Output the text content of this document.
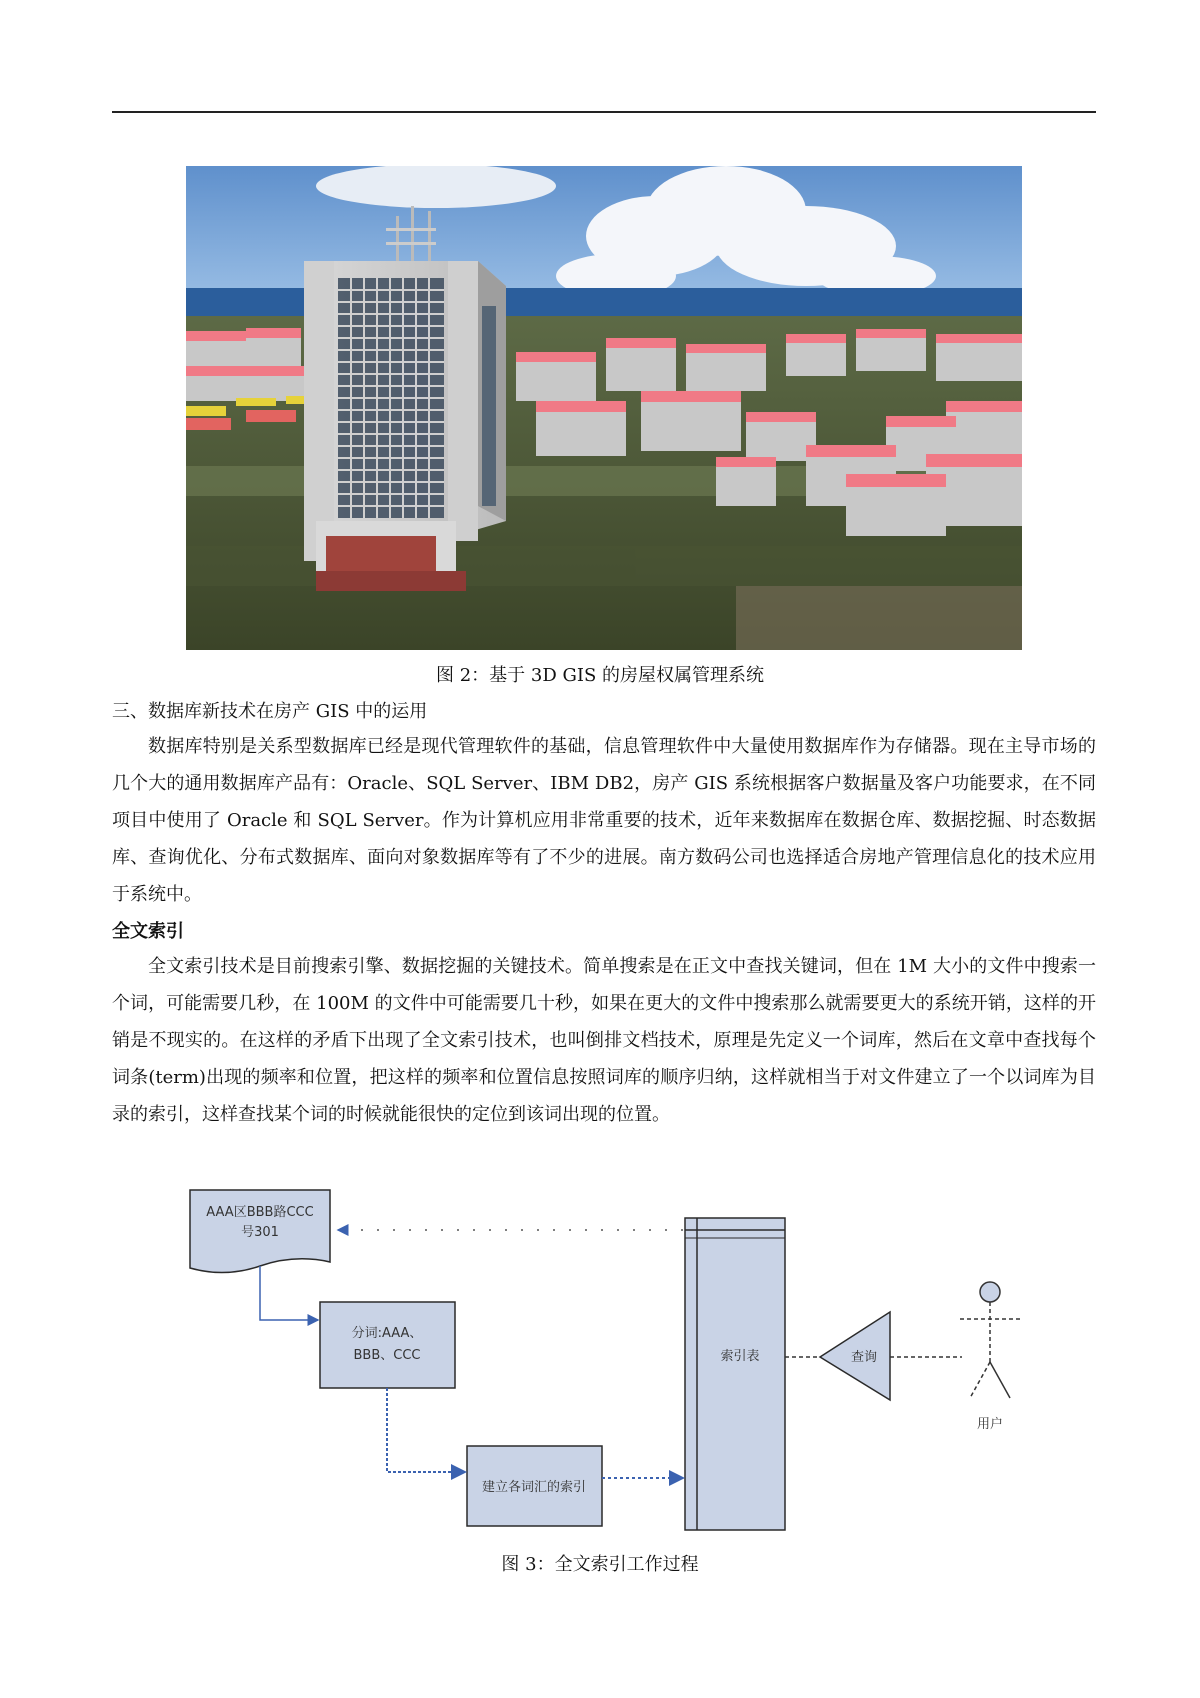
图 2：基于 3D GIS 的房屋权属管理系统
三、数据库新技术在房产 GIS 中的运用

数据库特别是关系型数据库已经是现代管理软件的基础，信息管理软件中大量使用数据库作为存储器。现在主导市场的几个大的通用数据库产品有：Oracle、SQL Server、IBM DB2，房产 GIS 系统根据客户数据量及客户功能要求，在不同项目中使用了 Oracle 和 SQL Server。作为计算机应用非常重要的技术，近年来数据库在数据仓库、数据挖掘、时态数据库、查询优化、分布式数据库、面向对象数据库等有了不少的进展。南方数码公司也选择适合房地产管理信息化的技术应用于系统中。

全文索引

全文索引技术是目前搜索引擎、数据挖掘的关键技术。简单搜索是在正文中查找关键词，但在 1M 大小的文件中搜索一个词，可能需要几秒，在 100M 的文件中可能需要几十秒，如果在更大的文件中搜索那么就需要更大的系统开销，这样的开销是不现实的。在这样的矛盾下出现了全文索引技术，也叫倒排文档技术，原理是先定义一个词库，然后在文章中查找每个词条(term)出现的频率和位置，把这样的频率和位置信息按照词库的顺序归纳，这样就相当于对文件建立了一个以词库为目录的索引，这样查找某个词的时候就能很快的定位到该词出现的位置。

AAA区BBB路CCC
号301
分词:AAA、
BBB、CCC
建立各词汇的索引
索引表	查询
用户
图 3：全文索引工作过程
